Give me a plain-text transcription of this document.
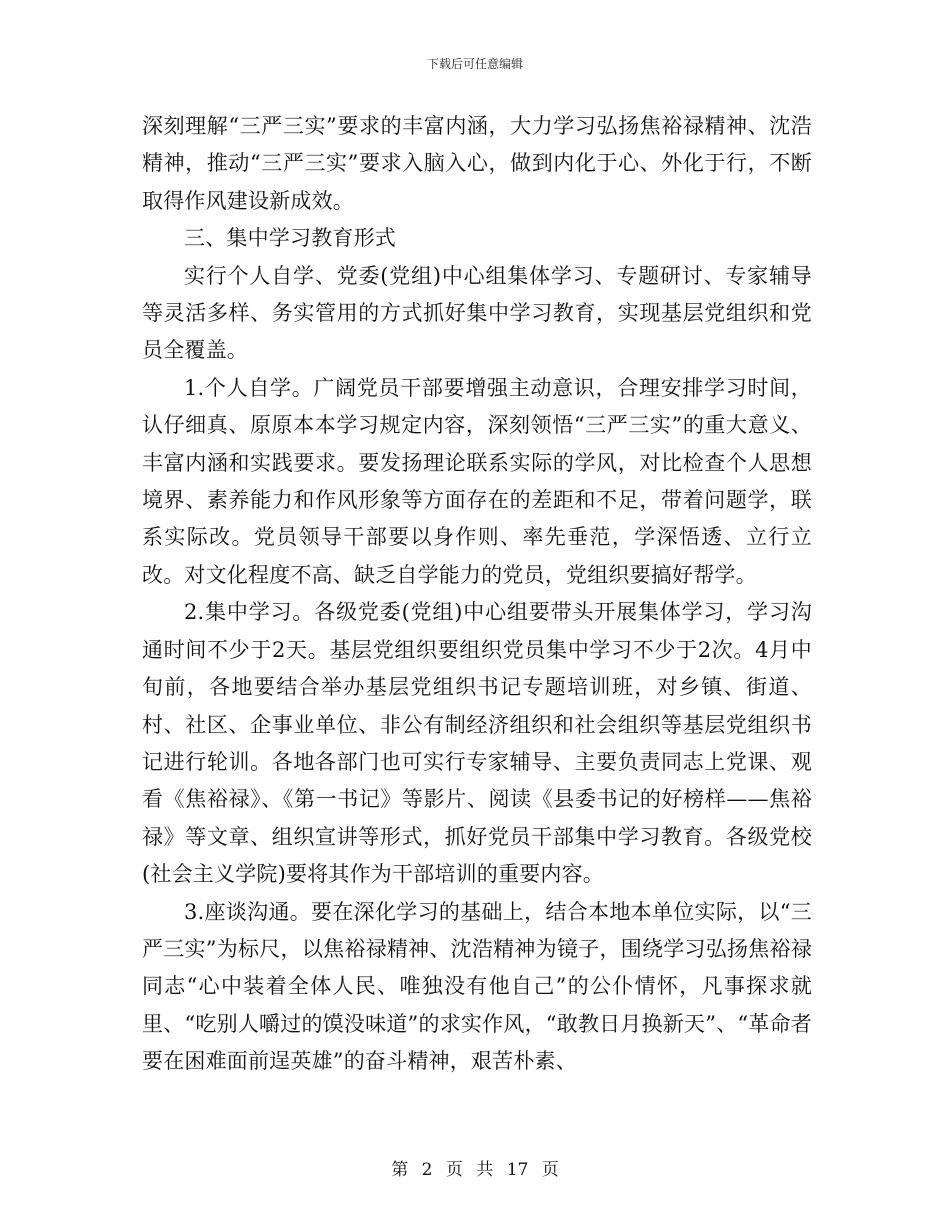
下载后可任意编辑

深刻理解“三严三实”要求的丰富内涵，大力学习弘扬焦裕禄精神、沈浩精神，推动“三严三实”要求入脑入心，做到内化于心、外化于行，不断取得作风建设新成效。

三、集中学习教育形式

实行个人自学、党委(党组)中心组集体学习、专题研讨、专家辅导等灵活多样、务实管用的方式抓好集中学习教育，实现基层党组织和党员全覆盖。

1.个人自学。广阔党员干部要增强主动意识，合理安排学习时间，认仔细真、原原本本学习规定内容，深刻领悟“三严三实”的重大意义、丰富内涵和实践要求。要发扬理论联系实际的学风，对比检查个人思想境界、素养能力和作风形象等方面存在的差距和不足，带着问题学，联系实际改。党员领导干部要以身作则、率先垂范，学深悟透、立行立改。对文化程度不高、缺乏自学能力的党员，党组织要搞好帮学。

2.集中学习。各级党委(党组)中心组要带头开展集体学习，学习沟通时间不少于2天。基层党组织要组织党员集中学习不少于2次。4月中旬前，各地要结合举办基层党组织书记专题培训班，对乡镇、街道、村、社区、企事业单位、非公有制经济组织和社会组织等基层党组织书记进行轮训。各地各部门也可实行专家辅导、主要负责同志上党课、观看《焦裕禄》、《第一书记》等影片、阅读《县委书记的好榜样——焦裕禄》等文章、组织宣讲等形式，抓好党员干部集中学习教育。各级党校(社会主义学院)要将其作为干部培训的重要内容。

3.座谈沟通。要在深化学习的基础上，结合本地本单位实际，以“三严三实”为标尺，以焦裕禄精神、沈浩精神为镜子，围绕学习弘扬焦裕禄同志“心中装着全体人民、唯独没有他自己”的公仆情怀，凡事探求就里、“吃别人嚼过的馍没味道”的求实作风，“敢教日月换新天”、“革命者要在困难面前逞英雄”的奋斗精神，艰苦朴素、

第 2 页 共 17 页
